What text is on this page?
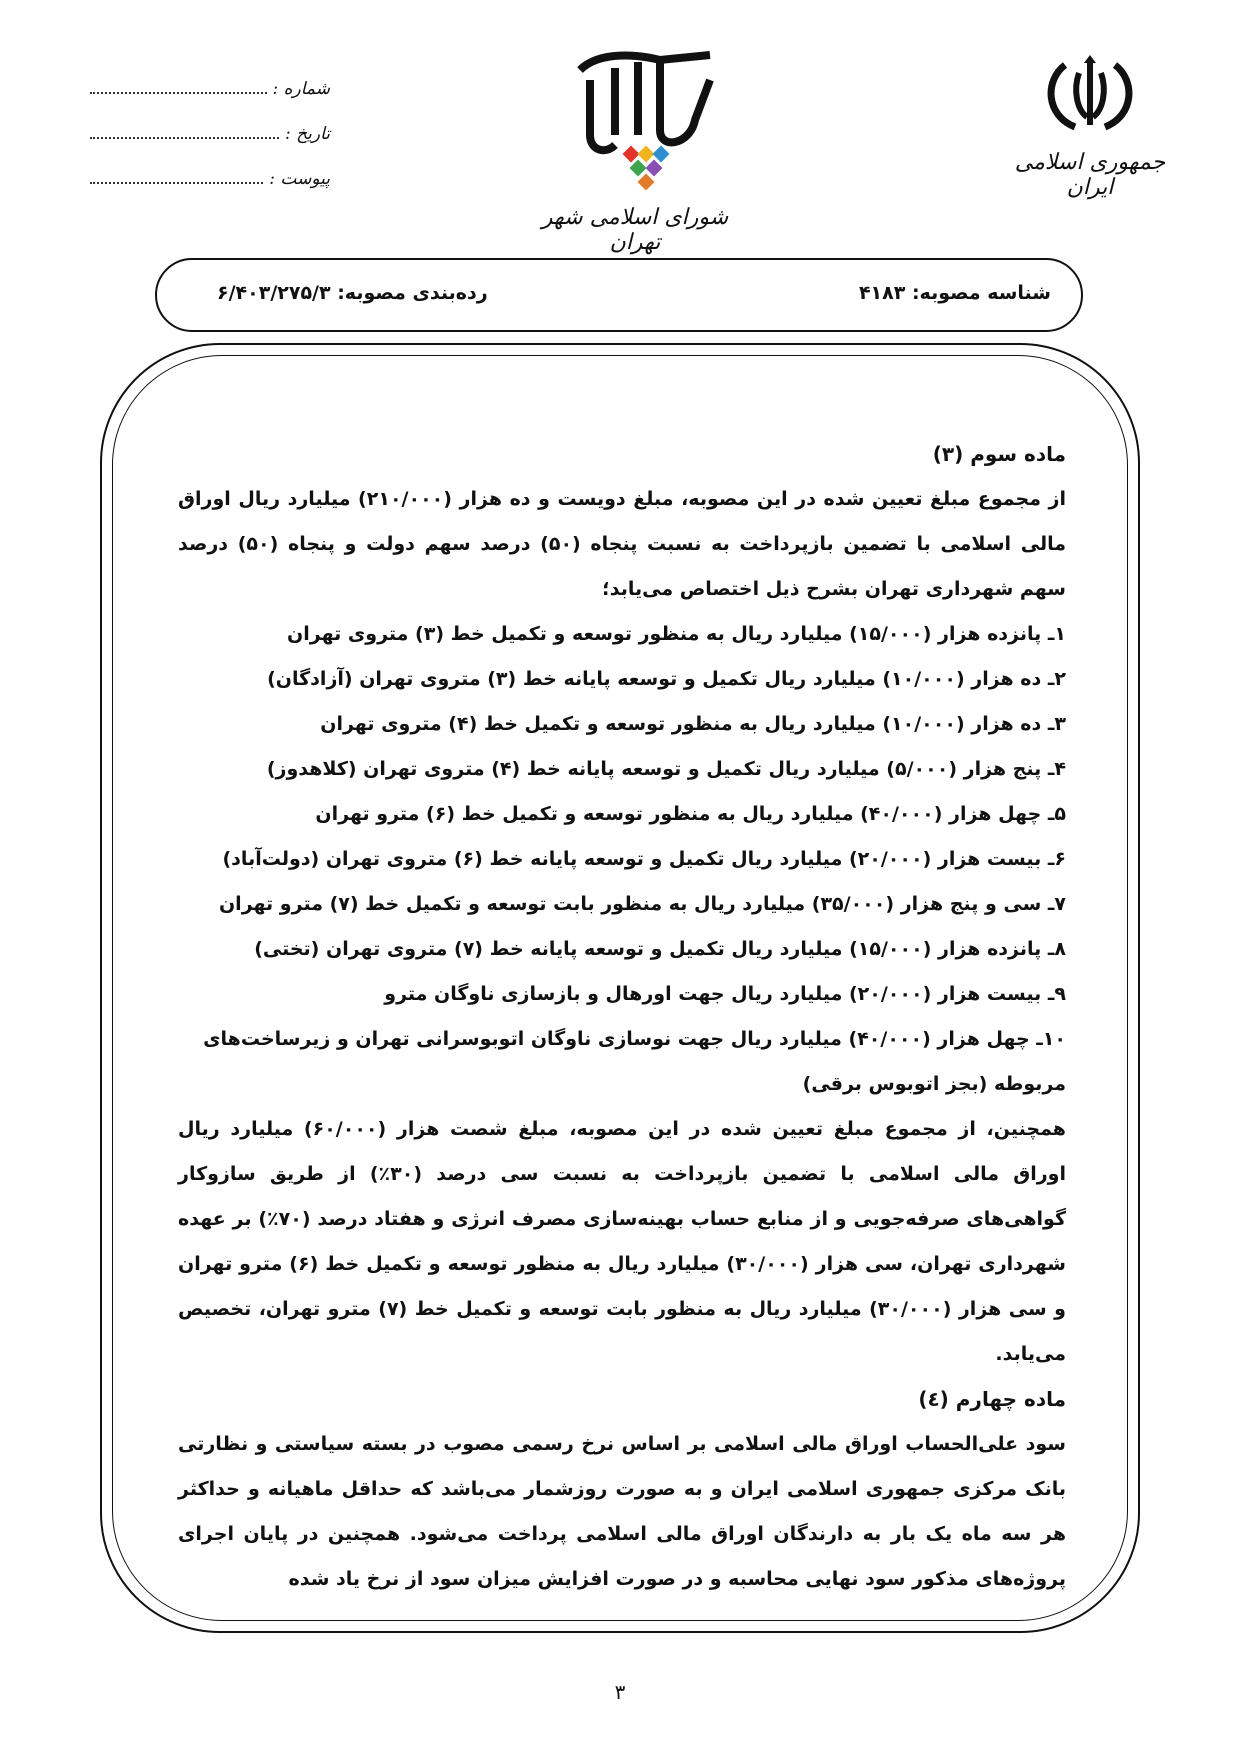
جمهوری اسلامی ایران
شورای اسلامی شهر تهران
شماره :
تاریخ :
پیوست :
شناسه مصوبه: ۴۱۸۳
رده‌بندی مصوبه: ۶/۴۰۳/۲۷۵/۳

ماده سوم (۳)

از مجموع مبلغ تعیین شده در این مصوبه، مبلغ دویست و ده هزار (۲۱۰/۰۰۰) میلیارد ریال اوراق مالی اسلامی با تضمین بازپرداخت به نسبت پنجاه (۵۰) درصد سهم دولت و پنجاه (۵۰) درصد سهم شهرداری تهران بشرح ذیل اختصاص می‌یابد؛

۱ـ پانزده هزار (۱۵/۰۰۰) میلیارد ریال به منظور توسعه و تکمیل خط (۳) متروی تهران

۲ـ ده هزار (۱۰/۰۰۰) میلیارد ریال تکمیل و توسعه پایانه خط (۳) متروی تهران (آزادگان)

۳ـ ده هزار (۱۰/۰۰۰) میلیارد ریال به منظور توسعه و تکمیل خط (۴) متروی تهران

۴ـ پنج هزار (۵/۰۰۰) میلیارد ریال تکمیل و توسعه پایانه خط (۴) متروی تهران (کلاهدوز)

۵ـ چهل هزار (۴۰/۰۰۰) میلیارد ریال به منظور توسعه و تکمیل خط (۶) مترو تهران

۶ـ بیست هزار (۲۰/۰۰۰) میلیارد ریال تکمیل و توسعه پایانه خط (۶) متروی تهران (دولت‌آباد)

۷ـ سی و پنج هزار (۳۵/۰۰۰) میلیارد ریال به منظور بابت توسعه و تکمیل خط (۷) مترو تهران

۸ـ پانزده هزار (۱۵/۰۰۰) میلیارد ریال تکمیل و توسعه پایانه خط (۷) متروی تهران (تختی)

۹ـ بیست هزار (۲۰/۰۰۰) میلیارد ریال جهت اورهال و بازسازی ناوگان مترو

۱۰ـ چهل هزار (۴۰/۰۰۰) میلیارد ریال جهت نوسازی ناوگان اتوبوسرانی تهران و زیرساخت‌های مربوطه (بجز اتوبوس برقی)

همچنین، از مجموع مبلغ تعیین شده در این مصوبه، مبلغ شصت هزار (۶۰/۰۰۰) میلیارد ریال اوراق مالی اسلامی با تضمین بازپرداخت به نسبت سی درصد (۳۰٪) از طریق سازوکار گواهی‌های صرفه‌جویی و از منابع حساب بهینه‌سازی مصرف انرژی و هفتاد درصد (۷۰٪) بر عهده شهرداری تهران، سی هزار (۳۰/۰۰۰) میلیارد ریال به منظور توسعه و تکمیل خط (۶) مترو تهران و سی هزار (۳۰/۰۰۰) میلیارد ریال به منظور بابت توسعه و تکمیل خط (۷) مترو تهران، تخصیص می‌یابد.

ماده چهارم (٤)

سود علی‌الحساب اوراق مالی اسلامی بر اساس نرخ رسمی مصوب در بسته سیاستی و نظارتی بانک مرکزی جمهوری اسلامی ایران و به صورت روزشمار می‌باشد که حداقل ماهیانه و حداکثر هر سه ماه یک بار به دارندگان اوراق مالی اسلامی پرداخت می‌شود. همچنین در پایان اجرای پروژه‌های مذکور سود نهایی محاسبه و در صورت افزایش میزان سود از نرخ یاد شده

۳
